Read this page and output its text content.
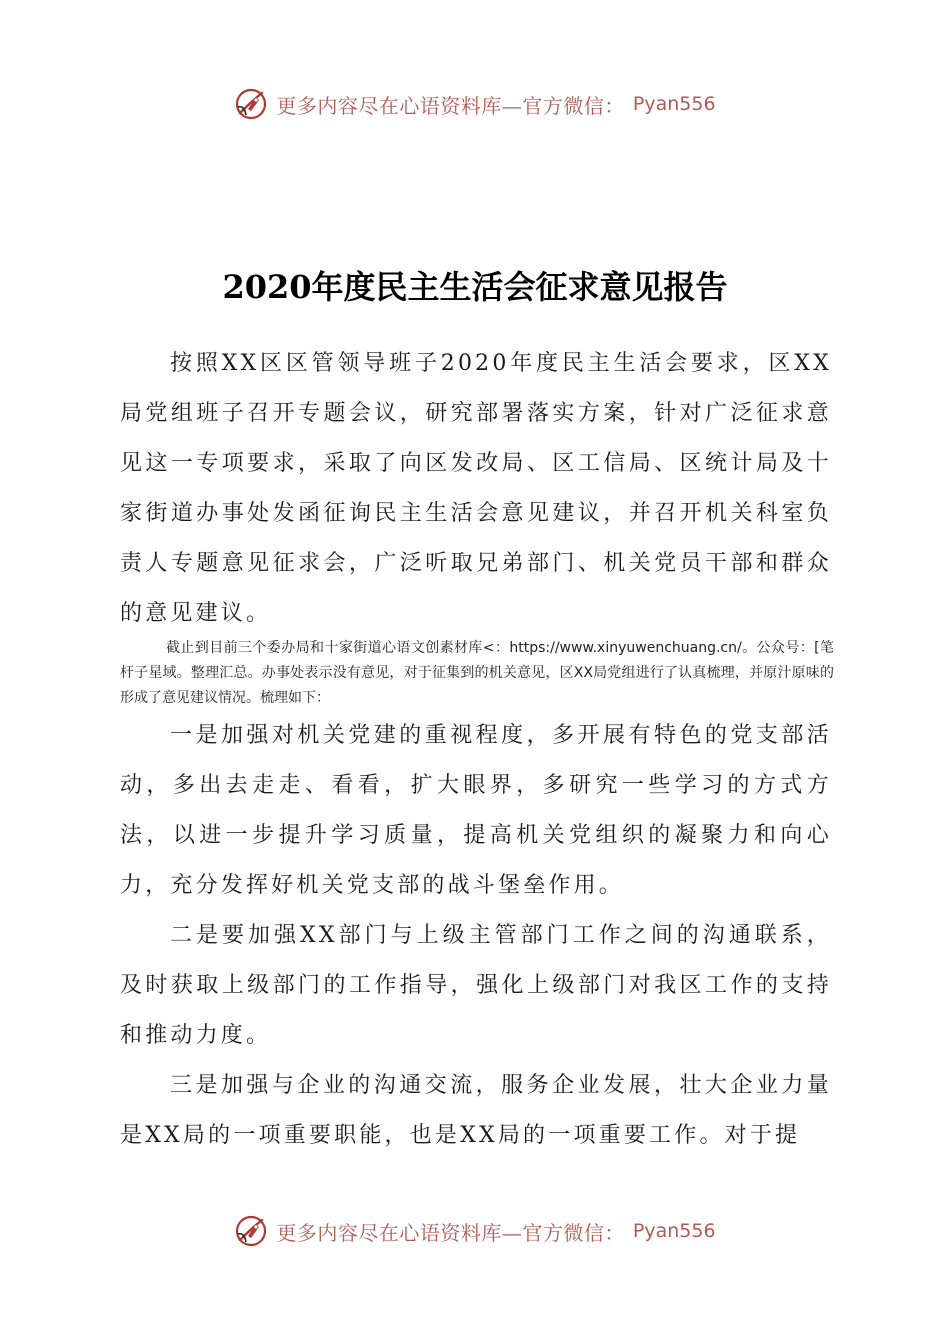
更多内容尽在心语资料库—官方微信： Pyan556
2020年度民主生活会征求意见报告

按照XX区区管领导班子2020年度民主生活会要求，区XX局党组班子召开专题会议，研究部署落实方案，针对广泛征求意见这一专项要求，采取了向区发改局、区工信局、区统计局及十家街道办事处发函征询民主生活会意见建议，并召开机关科室负责人专题意见征求会，广泛听取兄弟部门、机关党员干部和群众的意见建议。

截止到目前三个委办局和十家街道心语文创素材库<：https://www.xinyuwenchuang.cn/。公众号：[笔杆子星域。整理汇总。办事处表示没有意见，对于征集到的机关意见，区XX局党组进行了认真梳理，并原汁原味的形成了意见建议情况。梳理如下：

一是加强对机关党建的重视程度，多开展有特色的党支部活动，多出去走走、看看，扩大眼界，多研究一些学习的方式方法，以进一步提升学习质量，提高机关党组织的凝聚力和向心力，充分发挥好机关党支部的战斗堡垒作用。

二是要加强XX部门与上级主管部门工作之间的沟通联系，及时获取上级部门的工作指导，强化上级部门对我区工作的支持和推动力度。

三是加强与企业的沟通交流，服务企业发展，壮大企业力量是XX局的一项重要职能，也是XX局的一项重要工作。对于提

更多内容尽在心语资料库—官方微信： Pyan556
